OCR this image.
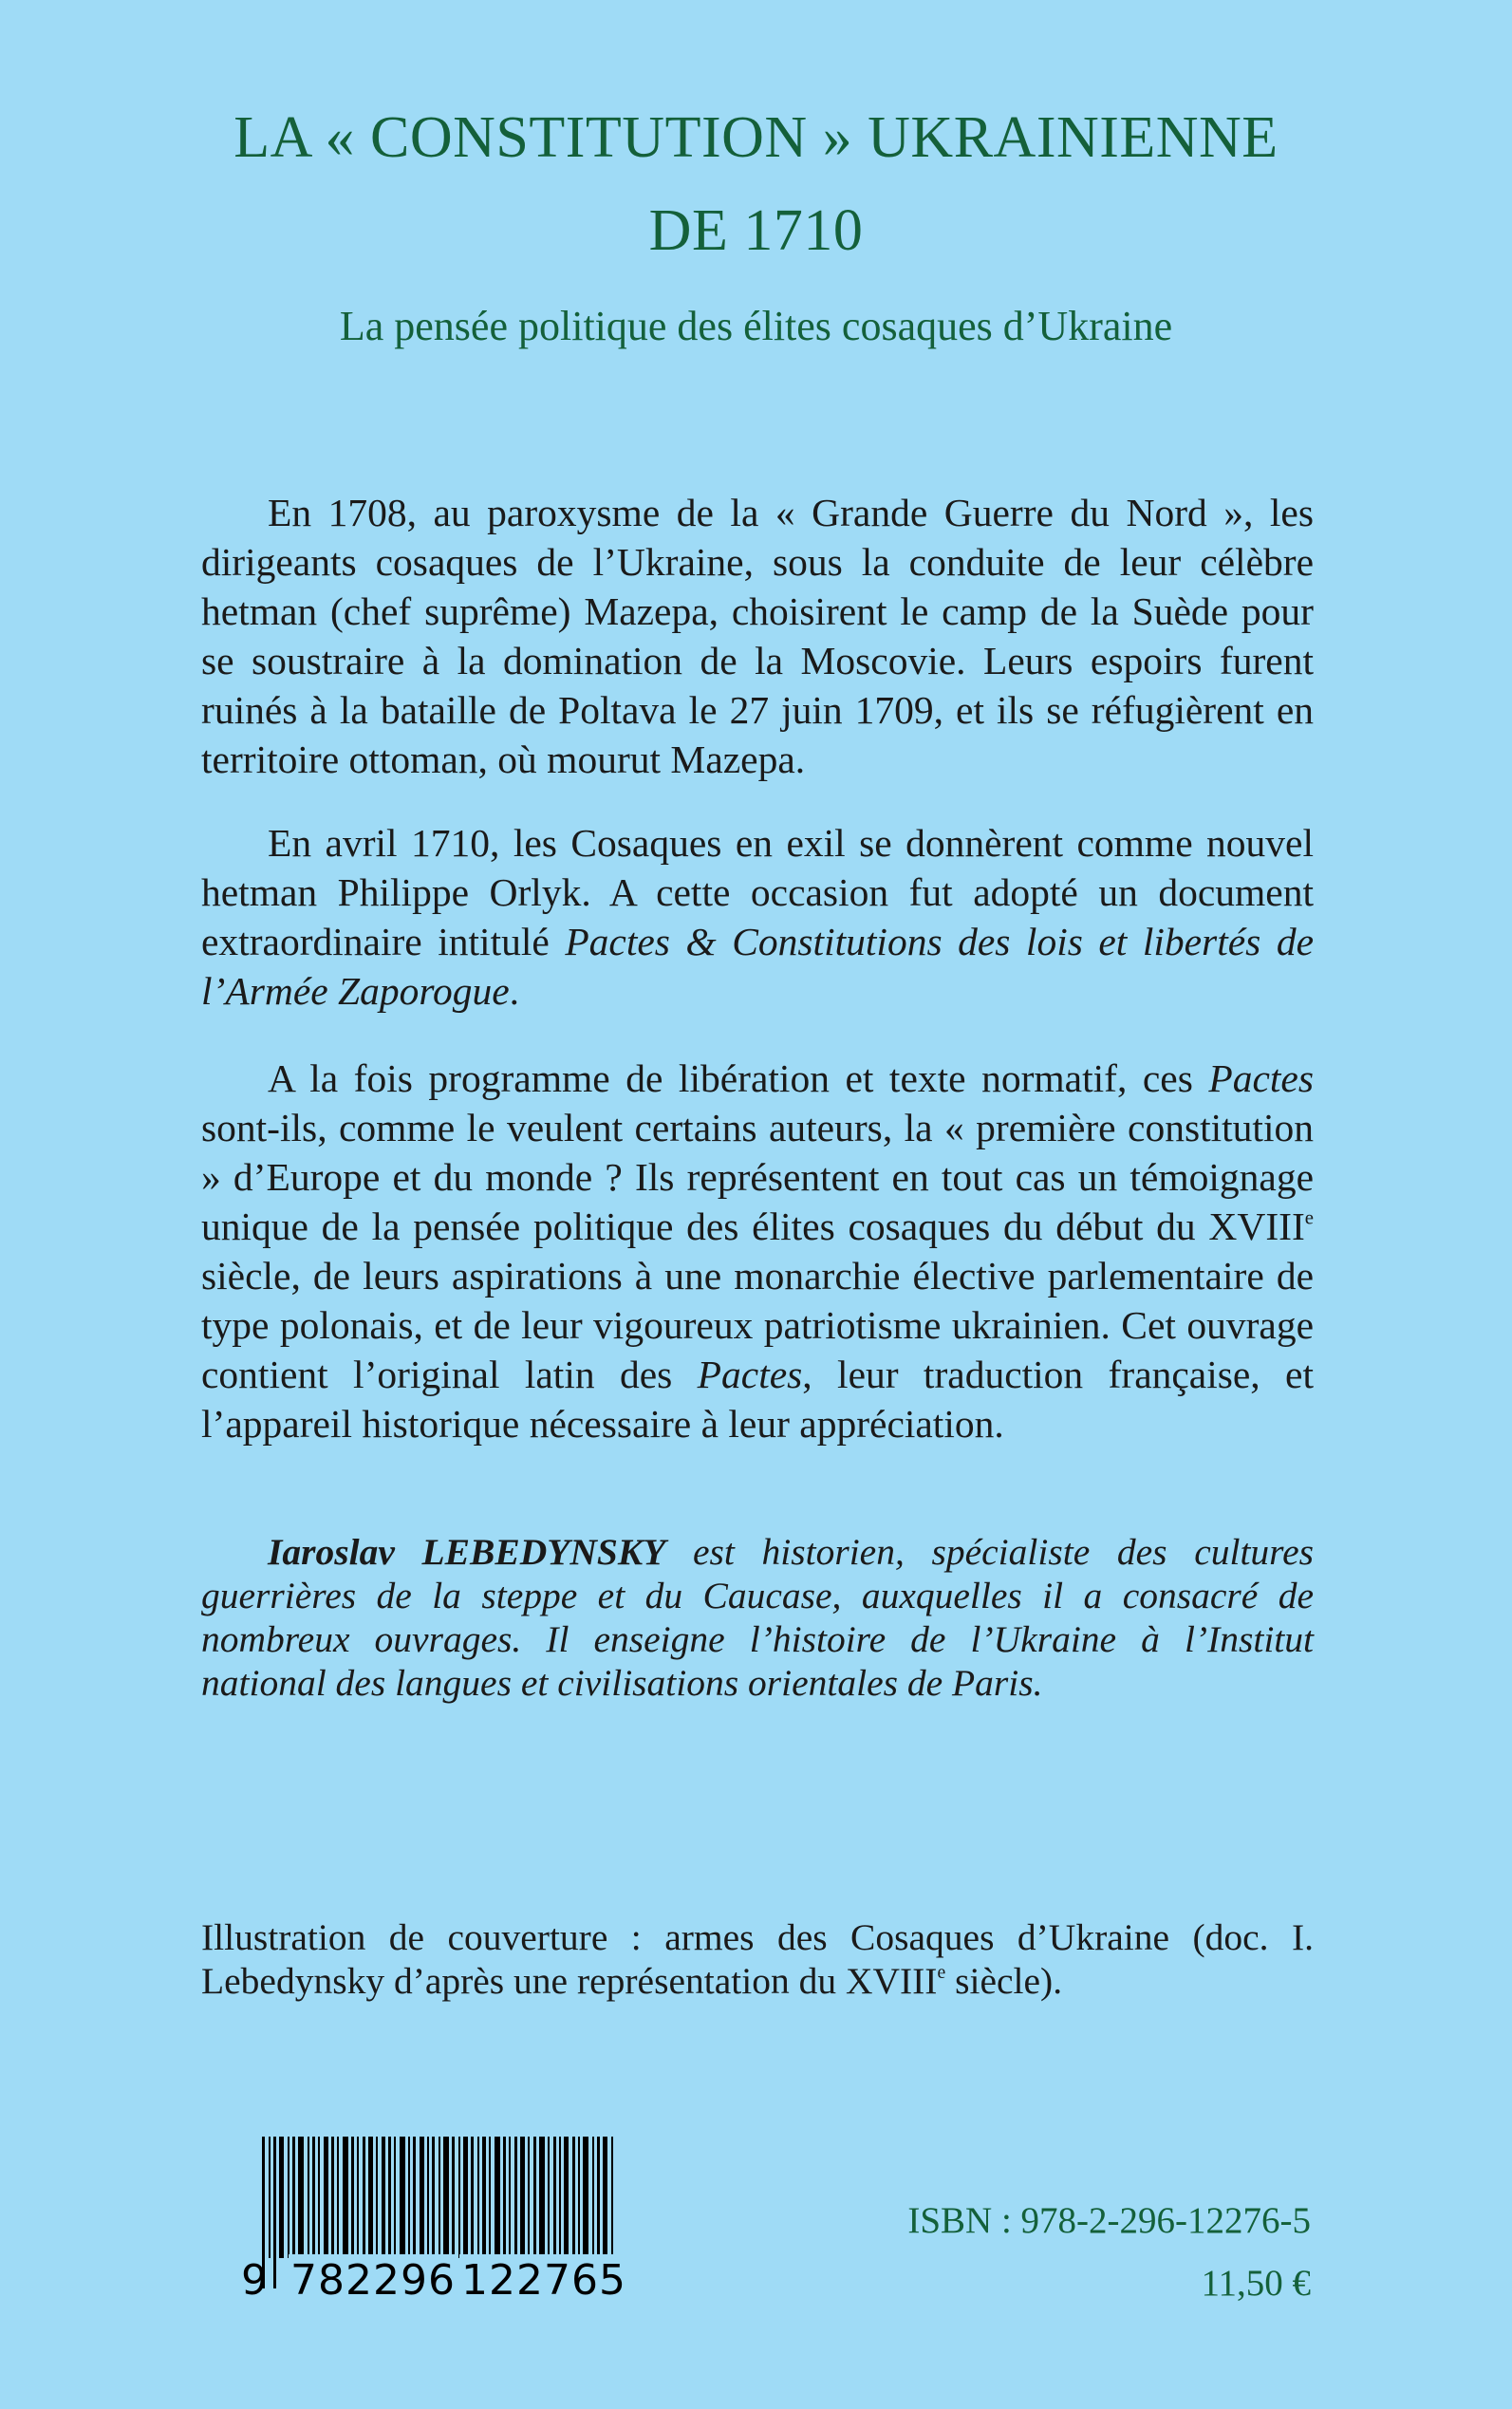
LA « CONSTITUTION » UKRAINIENNE
DE 1710
La pensée politique des élites cosaques d’Ukraine
En 1708, au paroxysme de la « Grande Guerre du Nord », les dirigeants cosaques de l’Ukraine, sous la conduite de leur célèbre hetman (chef suprême) Mazepa, choisirent le camp de la Suède pour se soustraire à la domination de la Moscovie. Leurs espoirs furent ruinés à la bataille de Poltava le 27 juin 1709, et ils se réfugièrent en territoire ottoman, où mourut Mazepa.
En avril 1710, les Cosaques en exil se donnèrent comme nouvel hetman Philippe Orlyk. A cette occasion fut adopté un document extraordinaire intitulé Pactes & Constitutions des lois et libertés de l’Armée Zaporogue.
A la fois programme de libération et texte normatif, ces Pactes sont-ils, comme le veulent certains auteurs, la « première constitution » d’Europe et du monde ? Ils représentent en tout cas un témoignage unique de la pensée politique des élites cosaques du début du XVIIIe siècle, de leurs aspirations à une monarchie élective parlementaire de type polonais, et de leur vigoureux patriotisme ukrainien. Cet ouvrage contient l’original latin des Pactes, leur traduction française, et l’appareil historique nécessaire à leur appréciation.
Iaroslav LEBEDYNSKY est historien, spécialiste des cultures guerrières de la steppe et du Caucase, auxquelles il a consacré de nombreux ouvrages. Il enseigne l’histoire de l’Ukraine à l’Institut national des langues et civilisations orientales de Paris.
Illustration de couverture : armes des Cosaques d’Ukraine (doc. I. Lebedynsky d’après une représentation du XVIIIe siècle).
9 782296 122765
ISBN : 978-2-296-12276-5
11,50 €
